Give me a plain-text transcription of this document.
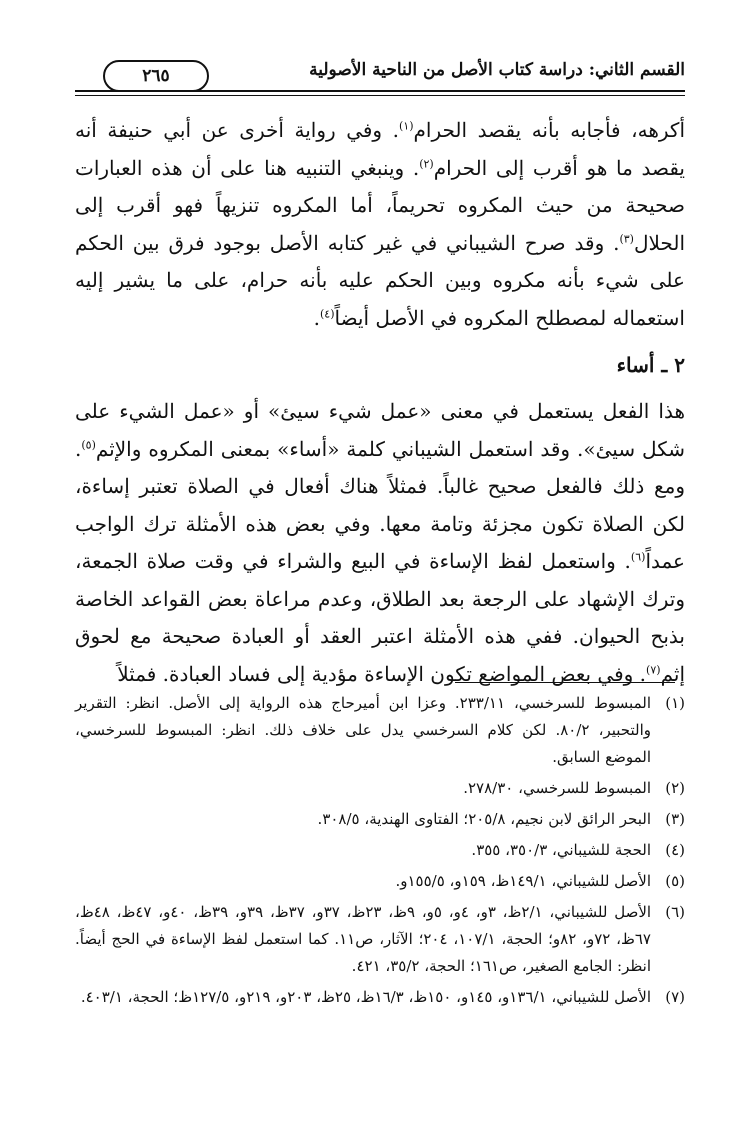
القسم الثاني: دراسة كتاب الأصل من الناحية الأصولية
٢٦٥

أكرهه، فأجابه بأنه يقصد الحرام$^{(١)}$. وفي رواية أخرى عن أبي حنيفة أنه يقصد ما هو أقرب إلى الحرام$^{(٢)}$. وينبغي التنبيه هنا على أن هذه العبارات صحيحة من حيث المكروه تحريماً، أما المكروه تنزيهاً فهو أقرب إلى الحلال$^{(٣)}$. وقد صرح الشيباني في غير كتابه الأصل بوجود فرق بين الحكم على شيء بأنه مكروه وبين الحكم عليه بأنه حرام، على ما يشير إليه استعماله لمصطلح المكروه في الأصل أيضاً$^{(٤)}$.

٢ ـ أساء

هذا الفعل يستعمل في معنى «عمل شيء سيئ» أو «عمل الشيء على شكل سيئ». وقد استعمل الشيباني كلمة «أساء» بمعنى المكروه والإثم$^{(٥)}$. ومع ذلك فالفعل صحيح غالباً. فمثلاً هناك أفعال في الصلاة تعتبر إساءة، لكن الصلاة تكون مجزئة وتامة معها. وفي بعض هذه الأمثلة ترك الواجب عمداً$^{(٦)}$. واستعمل لفظ الإساءة في البيع والشراء في وقت صلاة الجمعة، وترك الإشهاد على الرجعة بعد الطلاق، وعدم مراعاة بعض القواعد الخاصة بذبح الحيوان. ففي هذه الأمثلة اعتبر العقد أو العبادة صحيحة مع لحوق إثم$^{(٧)}$. وفي بعض المواضع تكون الإساءة مؤدية إلى فساد العبادة. فمثلاً

(١)
المبسوط للسرخسي، ٢٣٣/١١. وعزا ابن أميرحاج هذه الرواية إلى الأصل. انظر: التقرير والتحبير، ٨٠/٢. لكن كلام السرخسي يدل على خلاف ذلك. انظر: المبسوط للسرخسي، الموضع السابق.
(٢)
المبسوط للسرخسي، ٢٧٨/٣٠.
(٣)
البحر الرائق لابن نجيم، ٢٠٥/٨؛ الفتاوى الهندية، ٣٠٨/٥.
(٤)
الحجة للشيباني، ٣٥٠/٣، ٣٥٥.
(٥)
الأصل للشيباني، ١٤٩/١ظ، ١٥٩و، ١٥٥/٥و.
(٦)
الأصل للشيباني، ٢/١ظ، ٣و، ٤و، ٥و، ٩ظ، ٢٣ظ، ٣٧و، ٣٧ظ، ٣٩و، ٣٩ظ، ٤٠و، ٤٧ظ، ٤٨ظ، ٦٧ظ، ٧٢و، ٨٢و؛ الحجة، ١٠٧/١، ٢٠٤؛ الآثار، ص١١. كما استعمل لفظ الإساءة في الحج أيضاً. انظر: الجامع الصغير، ص١٦١؛ الحجة، ٣٥/٢، ٤٢١.
(٧)
الأصل للشيباني، ١٣٦/١و، ١٤٥و، ١٥٠ظ، ١٦/٣ظ، ٢٥ظ، ٢٠٣و، ٢١٩و، ١٢٧/٥ظ؛ الحجة، ٤٠٣/١.
